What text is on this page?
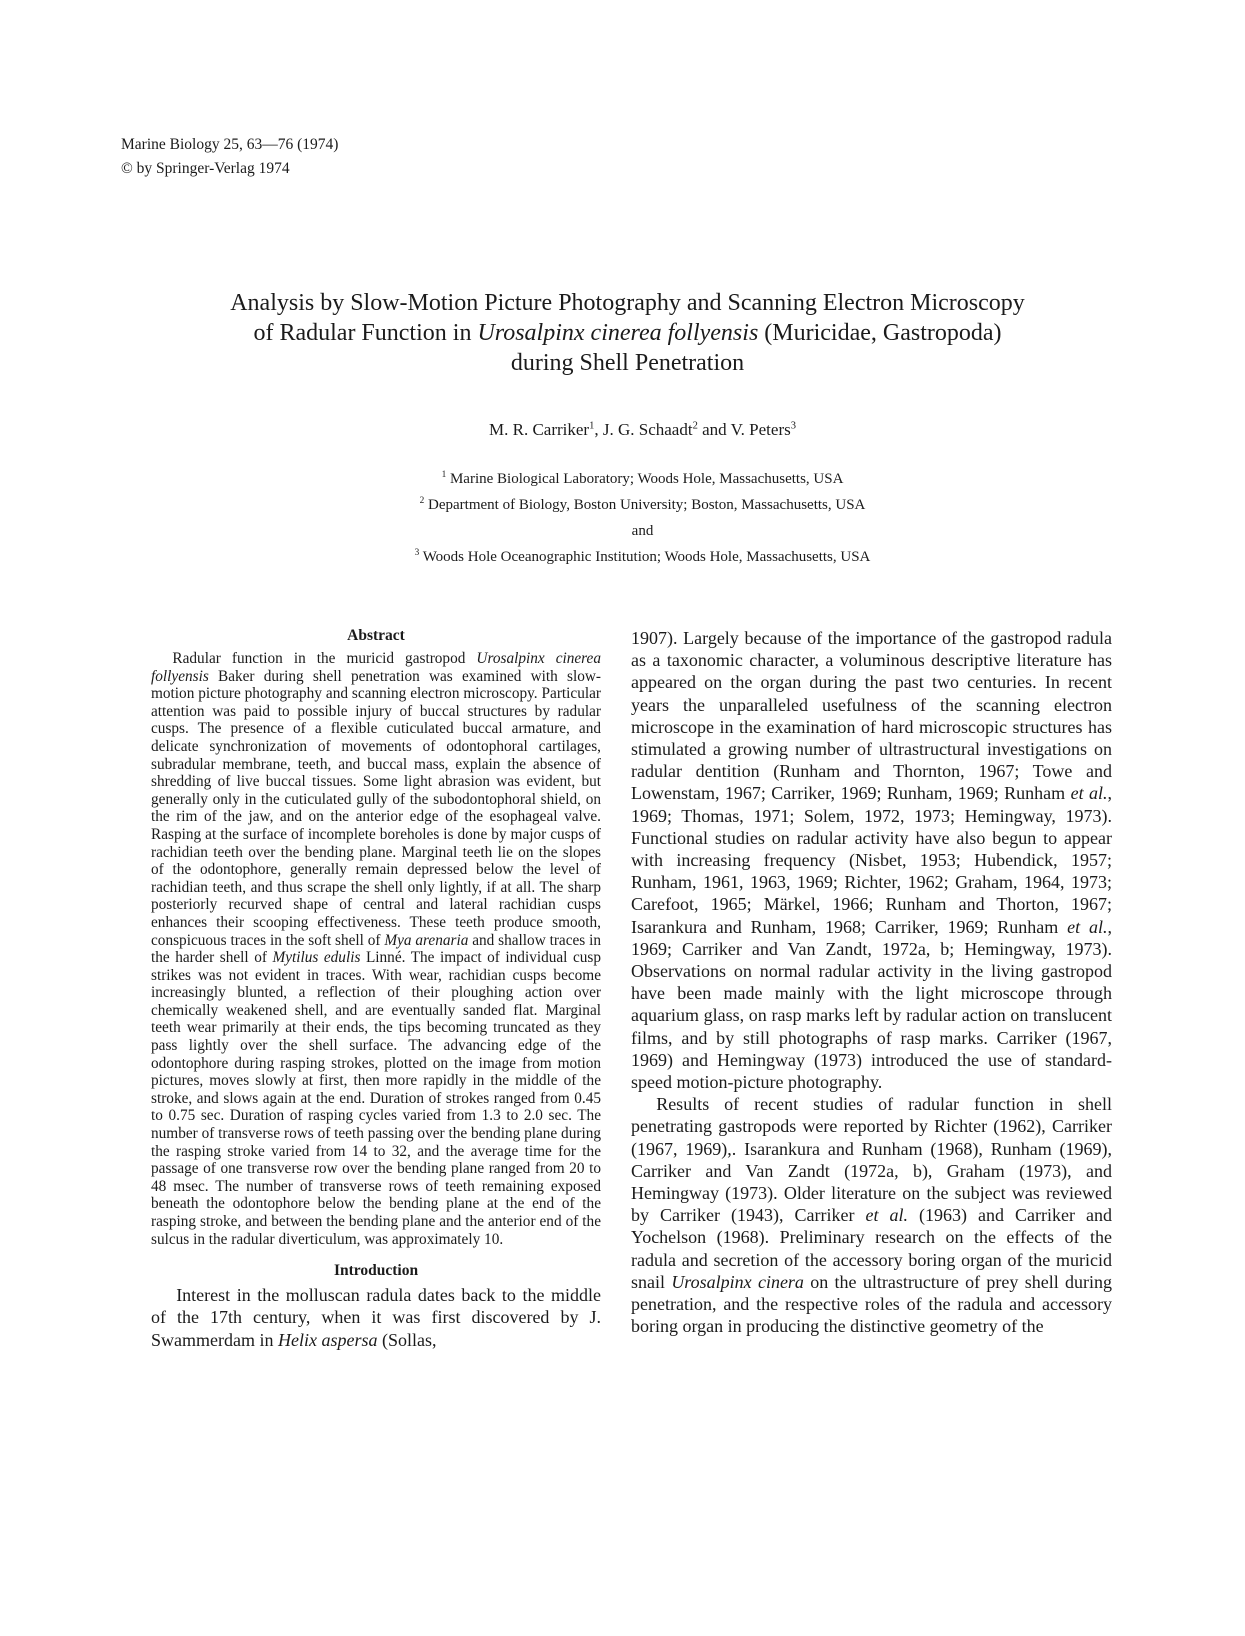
Marine Biology 25, 63—76 (1974)
© by Springer-Verlag 1974
Analysis by Slow-Motion Picture Photography and Scanning Electron Microscopy
of Radular Function in Urosalpinx cinerea follyensis (Muricidae, Gastropoda)
during Shell Penetration
M. R. Carriker$^1$, J. G. Schaadt$^2$ and V. Peters$^3$
$^1$ Marine Biological Laboratory; Woods Hole, Massachusetts, USA
$^2$ Department of Biology, Boston University; Boston, Massachusetts, USA
and
$^3$ Woods Hole Oceanographic Institution; Woods Hole, Massachusetts, USA
Abstract

Radular function in the muricid gastropod Urosalpinx cinerea follyensis Baker during shell penetration was examined with slow-motion picture photography and scanning electron microscopy. Particular attention was paid to possible injury of buccal structures by radular cusps. The presence of a flexible cuticulated buccal armature, and delicate synchronization of movements of odontophoral cartilages, subradular membrane, teeth, and buccal mass, explain the absence of shredding of live buccal tissues. Some light abrasion was evident, but generally only in the cuticulated gully of the subodontophoral shield, on the rim of the jaw, and on the anterior edge of the esophageal valve. Rasping at the surface of incomplete boreholes is done by major cusps of rachidian teeth over the bending plane. Marginal teeth lie on the slopes of the odontophore, generally remain depressed below the level of rachidian teeth, and thus scrape the shell only lightly, if at all. The sharp posteriorly recurved shape of central and lateral rachidian cusps enhances their scooping effectiveness. These teeth produce smooth, conspicuous traces in the soft shell of Mya arenaria and shallow traces in the harder shell of Mytilus edulis Linné. The impact of individual cusp strikes was not evident in traces. With wear, rachidian cusps become increasingly blunted, a reflection of their ploughing action over chemically weakened shell, and are eventually sanded flat. Marginal teeth wear primarily at their ends, the tips becoming truncated as they pass lightly over the shell surface. The advancing edge of the odontophore during rasping strokes, plotted on the image from motion pictures, moves slowly at first, then more rapidly in the middle of the stroke, and slows again at the end. Duration of strokes ranged from 0.45 to 0.75 sec. Duration of rasping cycles varied from 1.3 to 2.0 sec. The number of transverse rows of teeth passing over the bending plane during the rasping stroke varied from 14 to 32, and the average time for the passage of one transverse row over the bending plane ranged from 20 to 48 msec. The number of transverse rows of teeth remaining exposed beneath the odontophore below the bending plane at the end of the rasping stroke, and between the bending plane and the anterior end of the sulcus in the radular diverticulum, was approximately 10.

Introduction

Interest in the molluscan radula dates back to the middle of the 17th century, when it was first discovered by J. Swammerdam in Helix aspersa (Sollas,

1907). Largely because of the importance of the gastropod radula as a taxonomic character, a voluminous descriptive literature has appeared on the organ during the past two centuries. In recent years the unparalleled usefulness of the scanning electron microscope in the examination of hard microscopic structures has stimulated a growing number of ultrastructural investigations on radular dentition (Runham and Thornton, 1967; Towe and Lowenstam, 1967; Carriker, 1969; Runham, 1969; Runham et al., 1969; Thomas, 1971; Solem, 1972, 1973; Hemingway, 1973). Functional studies on radular activity have also begun to appear with increasing frequency (Nisbet, 1953; Hubendick, 1957; Runham, 1961, 1963, 1969; Richter, 1962; Graham, 1964, 1973; Carefoot, 1965; Märkel, 1966; Runham and Thorton, 1967; Isarankura and Runham, 1968; Carriker, 1969; Runham et al., 1969; Carriker and Van Zandt, 1972a, b; Hemingway, 1973). Observations on normal radular activity in the living gastropod have been made mainly with the light microscope through aquarium glass, on rasp marks left by radular action on translucent films, and by still photographs of rasp marks. Carriker (1967, 1969) and Hemingway (1973) introduced the use of standard-speed motion-picture photography.

Results of recent studies of radular function in shell penetrating gastropods were reported by Richter (1962), Carriker (1967, 1969),. Isarankura and Runham (1968), Runham (1969), Carriker and Van Zandt (1972a, b), Graham (1973), and Hemingway (1973). Older literature on the subject was reviewed by Carriker (1943), Carriker et al. (1963) and Carriker and Yochelson (1968). Preliminary research on the effects of the radula and secretion of the accessory boring organ of the muricid snail Urosalpinx cinera on the ultrastructure of prey shell during penetration, and the respective roles of the radula and accessory boring organ in producing the distinctive geometry of the
